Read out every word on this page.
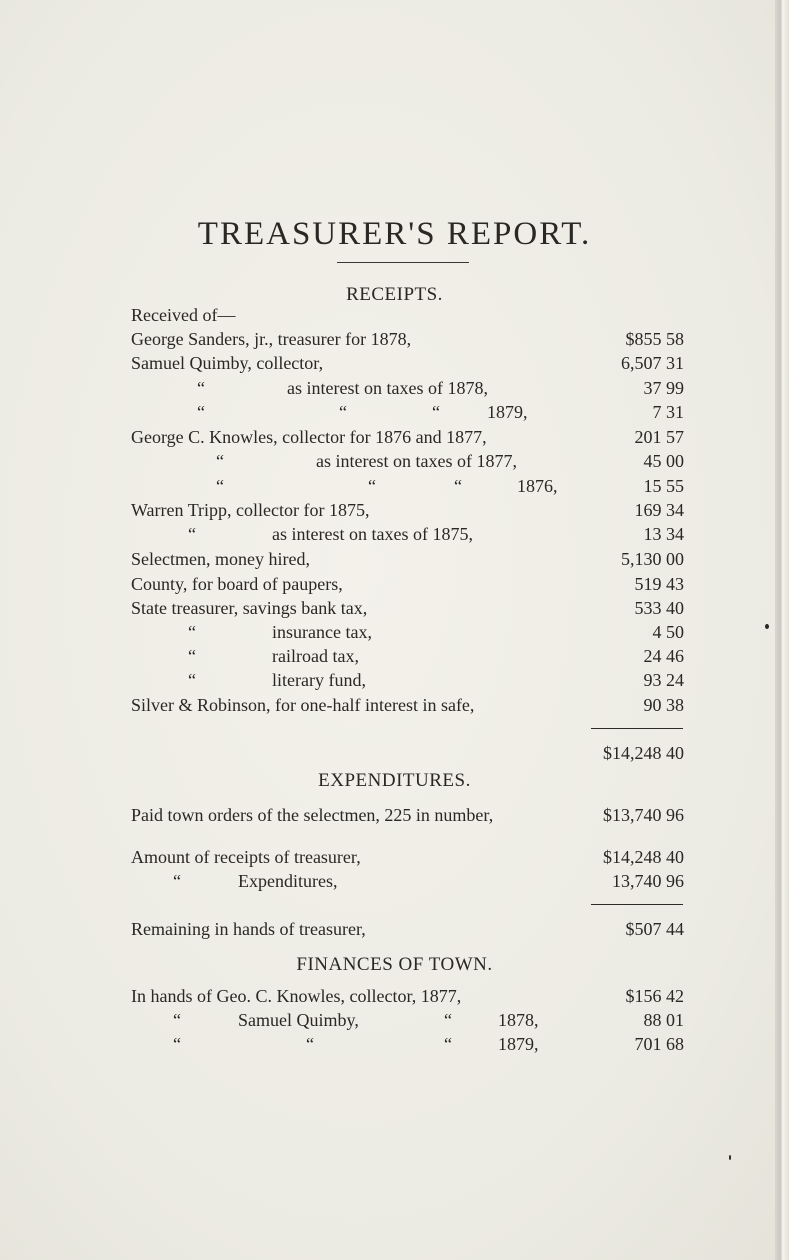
TREASURER'S REPORT.
RECEIPTS.
Received of—
George Sanders, jr., treasurer for 1878,	$855 58
Samuel Quimby, collector,	6,507 31
“	as interest on taxes of 1878,	37 99
“	“	“	1879,	7 31
George C. Knowles, collector for 1876 and 1877,	201 57
“	as interest on taxes of 1877,	45 00
“	“	“	1876,	15 55
Warren Tripp, collector for 1875,	169 34
“	as interest on taxes of 1875,	13 34
Selectmen, money hired,	5,130 00
County, for board of paupers,	519 43
State treasurer, savings bank tax,	533 40
“	insurance tax,	4 50
“	railroad tax,	24 46
“	literary fund,	93 24
Silver & Robinson, for one-half interest in safe,	90 38
$14,248 40
EXPENDITURES.
Paid town orders of the selectmen, 225 in number,	$13,740 96
Amount of receipts of treasurer,	$14,248 40
“	Expenditures,	13,740 96
Remaining in hands of treasurer,	$507 44
FINANCES OF TOWN.
In hands of Geo. C. Knowles, collector, 1877,	$156 42
“	Samuel Quimby,	“	1878,	88 01
“	“	“	1879,	701 68
